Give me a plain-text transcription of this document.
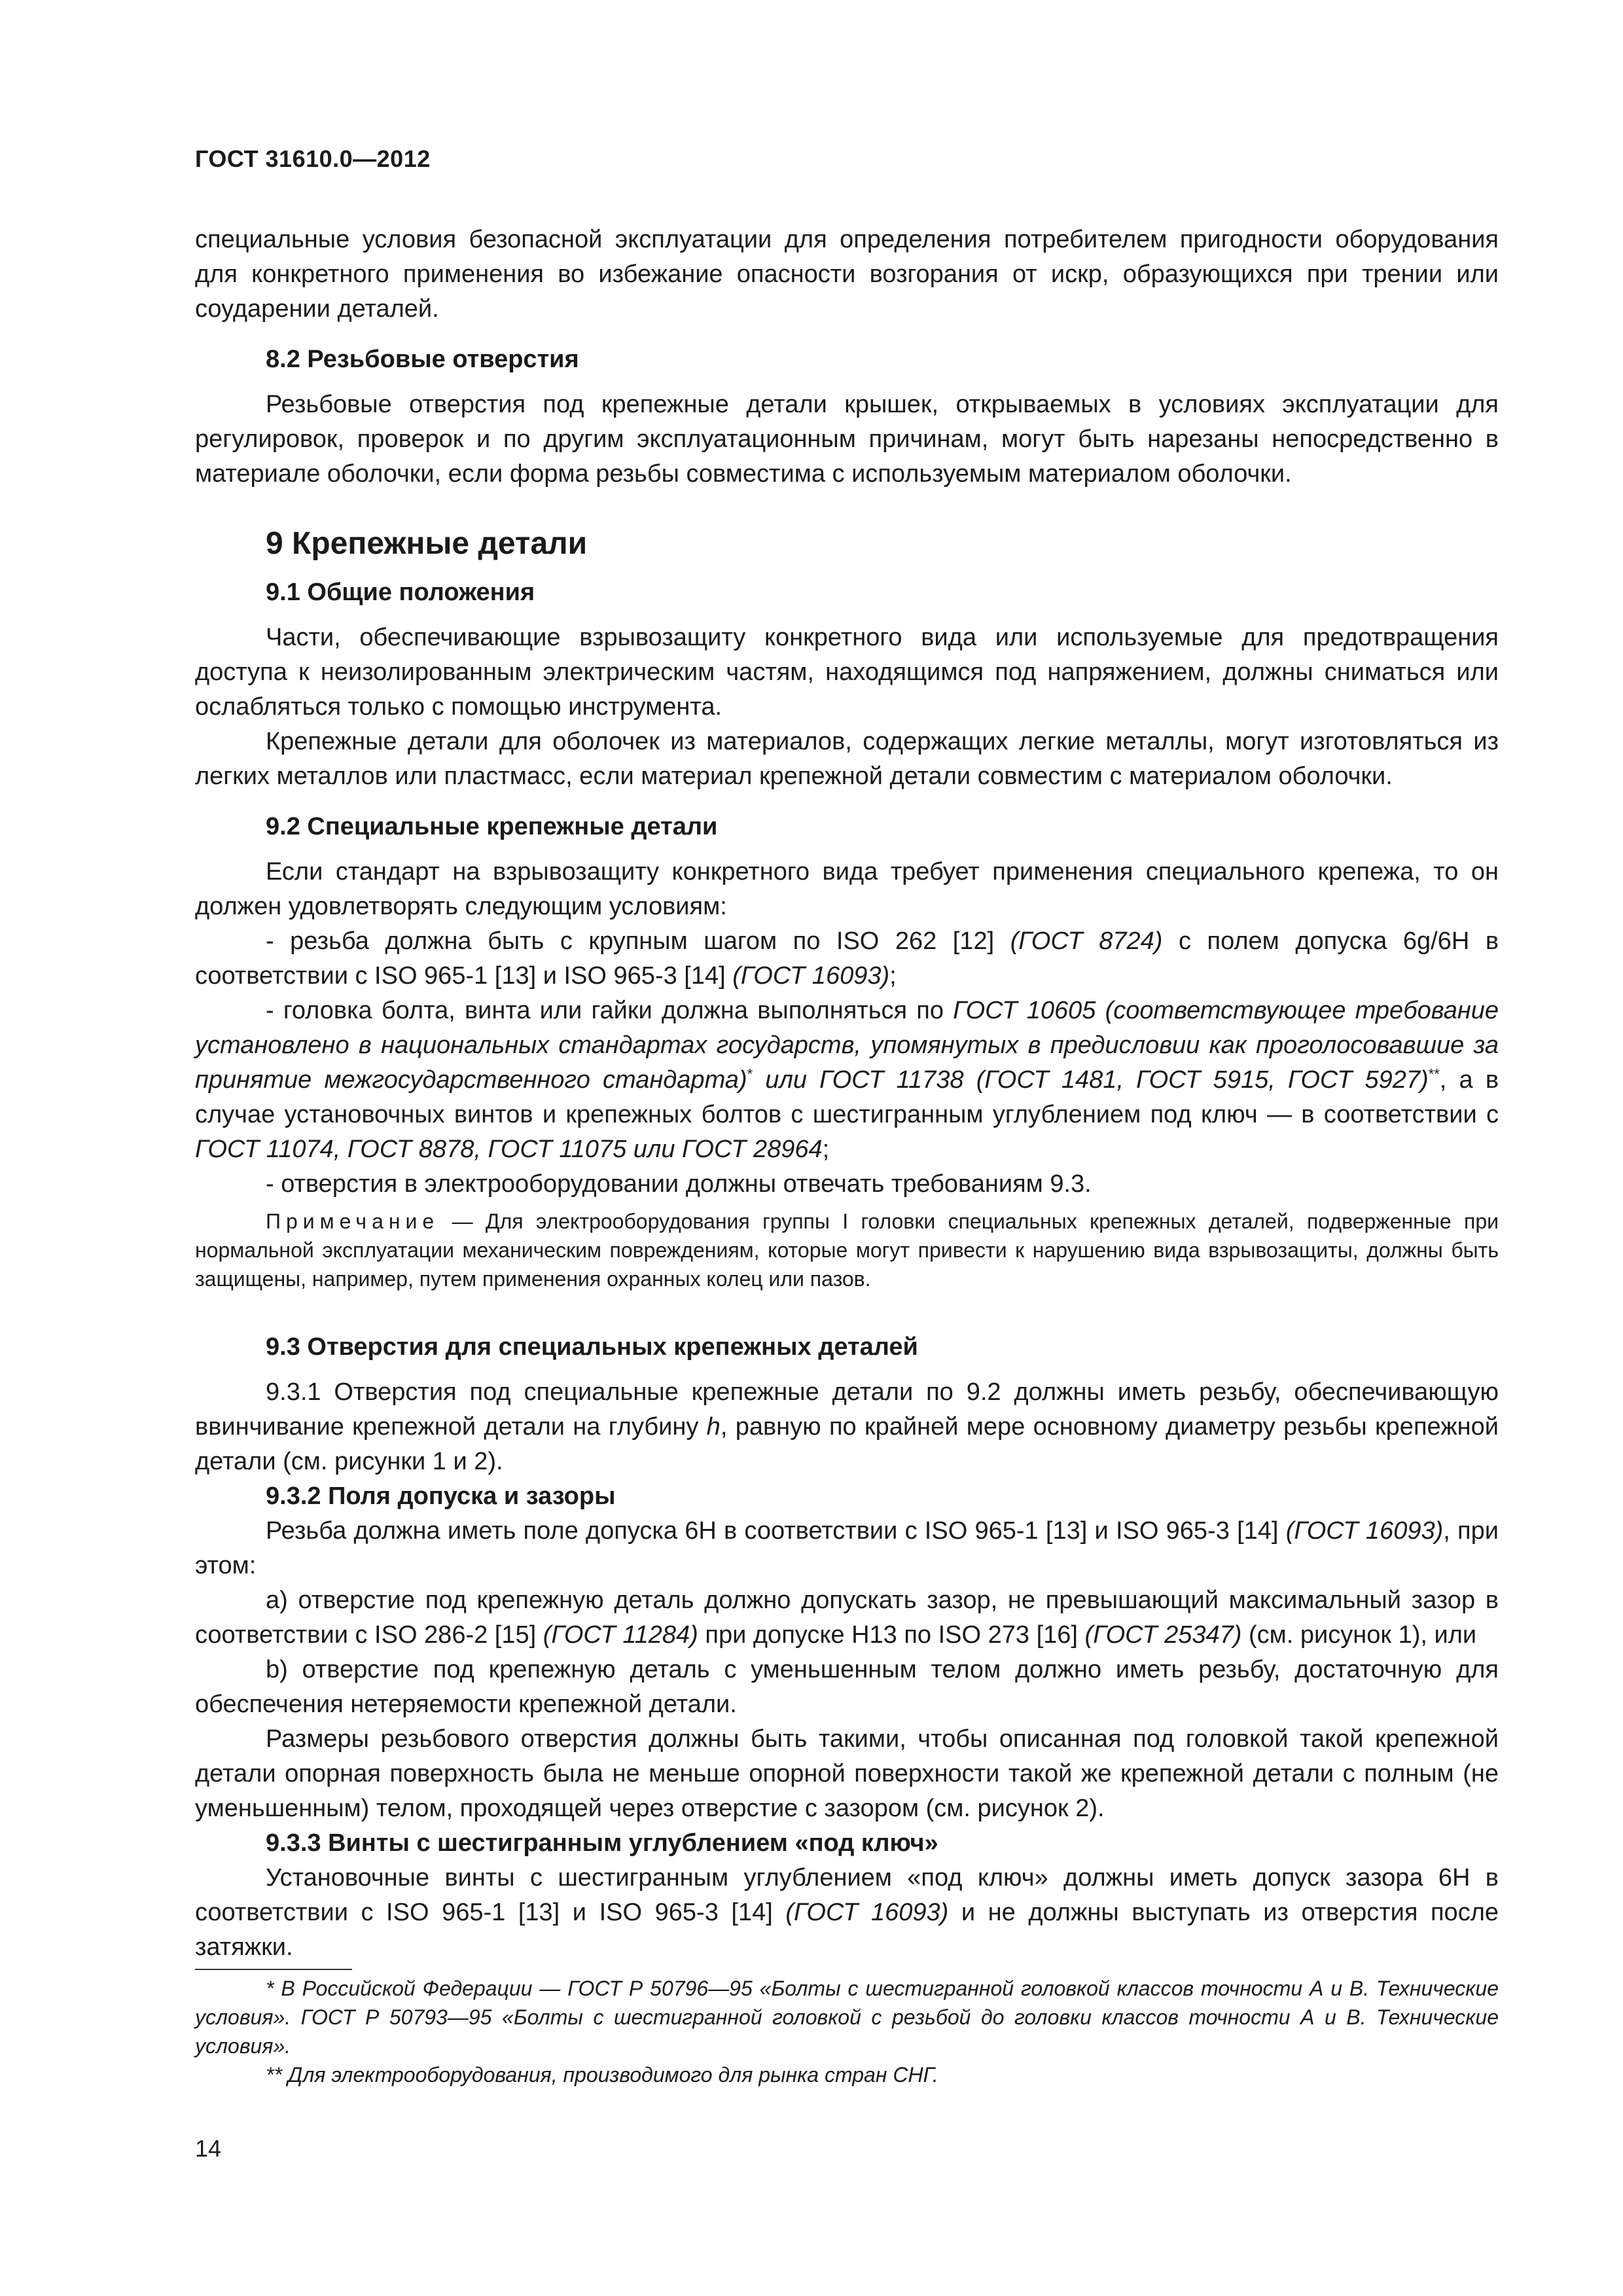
ГОСТ 31610.0—2012

специальные условия безопасной эксплуатации для определения потребителем пригодности оборудования для конкретного применения во избежание опасности возгорания от искр, образующихся при трении или соударении деталей.

8.2 Резьбовые отверстия

Резьбовые отверстия под крепежные детали крышек, открываемых в условиях эксплуатации для регулировок, проверок и по другим эксплуатационным причинам, могут быть нарезаны непосредственно в материале оболочки, если форма резьбы совместима с используемым материалом оболочки.

9 Крепежные детали
9.1 Общие положения

Части, обеспечивающие взрывозащиту конкретного вида или используемые для предотвращения доступа к неизолированным электрическим частям, находящимся под напряжением, должны сниматься или ослабляться только с помощью инструмента.

Крепежные детали для оболочек из материалов, содержащих легкие металлы, могут изготовляться из легких металлов или пластмасс, если материал крепежной детали совместим с материалом оболочки.

9.2 Специальные крепежные детали

Если стандарт на взрывозащиту конкретного вида требует применения специального крепежа, то он должен удовлетворять следующим условиям:

- резьба должна быть с крупным шагом по ISO 262 [12] (ГОСТ 8724) с полем допуска 6g/6H в соответствии с ISO 965-1 [13] и ISO 965-3 [14] (ГОСТ 16093);

- головка болта, винта или гайки должна выполняться по ГОСТ 10605 (соответствующее требование установлено в национальных стандартах государств, упомянутых в предисловии как проголосовавшие за принятие межгосударственного стандарта)* или ГОСТ 11738 (ГОСТ 1481, ГОСТ 5915, ГОСТ 5927)**, а в случае установочных винтов и крепежных болтов с шестигранным углублением под ключ — в соответствии с ГОСТ 11074, ГОСТ 8878, ГОСТ 11075 или ГОСТ 28964;

- отверстия в электрооборудовании должны отвечать требованиям 9.3.

Примечание — Для электрооборудования группы I головки специальных крепежных деталей, подверженные при нормальной эксплуатации механическим повреждениям, которые могут привести к нарушению вида взрывозащиты, должны быть защищены, например, путем применения охранных колец или пазов.

9.3 Отверстия для специальных крепежных деталей

9.3.1 Отверстия под специальные крепежные детали по 9.2 должны иметь резьбу, обеспечивающую ввинчивание крепежной детали на глубину h, равную по крайней мере основному диаметру резьбы крепежной детали (см. рисунки 1 и 2).

9.3.2 Поля допуска и зазоры

Резьба должна иметь поле допуска 6H в соответствии с ISO 965-1 [13] и ISO 965-3 [14] (ГОСТ 16093), при этом:

а) отверстие под крепежную деталь должно допускать зазор, не превышающий максимальный зазор в соответствии с ISO 286-2 [15] (ГОСТ 11284) при допуске H13 по ISO 273 [16] (ГОСТ 25347) (см. рисунок 1), или

b) отверстие под крепежную деталь с уменьшенным телом должно иметь резьбу, достаточную для обеспечения нетеряемости крепежной детали.

Размеры резьбового отверстия должны быть такими, чтобы описанная под головкой такой крепежной детали опорная поверхность была не меньше опорной поверхности такой же крепежной детали с полным (не уменьшенным) телом, проходящей через отверстие с зазором (см. рисунок 2).

9.3.3 Винты с шестигранным углублением «под ключ»

Установочные винты с шестигранным углублением «под ключ» должны иметь допуск зазора 6H в соответствии с ISO 965-1 [13] и ISO 965-3 [14] (ГОСТ 16093) и не должны выступать из отверстия после затяжки.

* В Российской Федерации — ГОСТ Р 50796—95 «Болты с шестигранной головкой классов точности А и В. Технические условия». ГОСТ Р 50793—95 «Болты с шестигранной головкой с резьбой до головки классов точности А и В. Технические условия».

** Для электрооборудования, производимого для рынка стран СНГ.

14
